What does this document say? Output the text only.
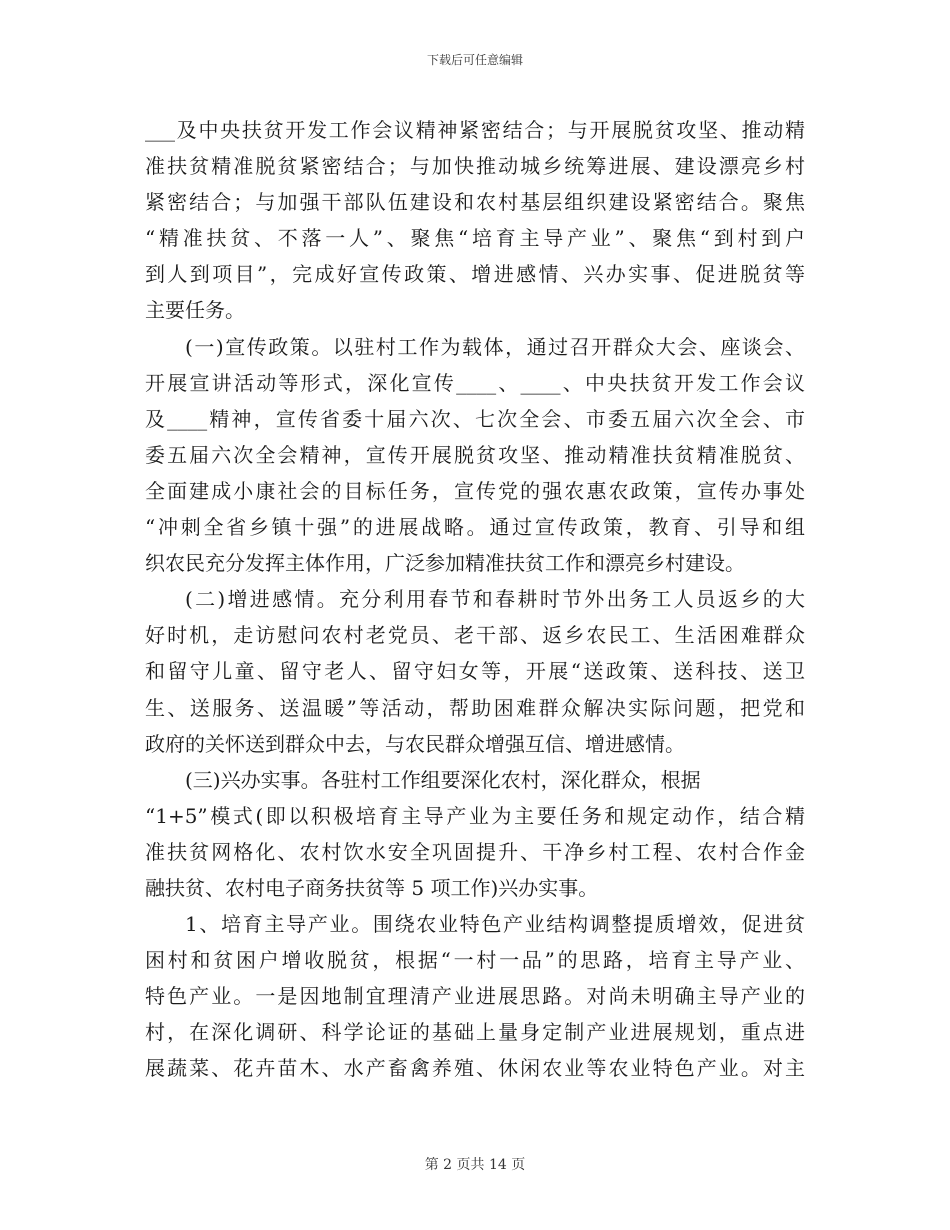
下载后可任意编辑
___及中央扶贫开发工作会议精神紧密结合；与开展脱贫攻坚、推动精
准扶贫精准脱贫紧密结合；与加快推动城乡统筹进展、建设漂亮乡村
紧密结合；与加强干部队伍建设和农村基层组织建设紧密结合。聚焦
“精准扶贫、不落一人”、聚焦“培育主导产业”、聚焦“到村到户
到人到项目”，完成好宣传政策、增进感情、兴办实事、促进脱贫等
主要任务。
(一)宣传政策。以驻村工作为载体，通过召开群众大会、座谈会、
开展宣讲活动等形式，深化宣传____、____、中央扶贫开发工作会议
及____精神，宣传省委十届六次、七次全会、市委五届六次全会、市
委五届六次全会精神，宣传开展脱贫攻坚、推动精准扶贫精准脱贫、
全面建成小康社会的目标任务，宣传党的强农惠农政策，宣传办事处
“冲刺全省乡镇十强”的进展战略。通过宣传政策，教育、引导和组
织农民充分发挥主体作用，广泛参加精准扶贫工作和漂亮乡村建设。
(二)增进感情。充分利用春节和春耕时节外出务工人员返乡的大
好时机，走访慰问农村老党员、老干部、返乡农民工、生活困难群众
和留守儿童、留守老人、留守妇女等，开展“送政策、送科技、送卫
生、送服务、送温暖”等活动，帮助困难群众解决实际问题，把党和
政府的关怀送到群众中去，与农民群众增强互信、增进感情。
(三)兴办实事。各驻村工作组要深化农村，深化群众，根据
“1+5”模式(即以积极培育主导产业为主要任务和规定动作，结合精
准扶贫网格化、农村饮水安全巩固提升、干净乡村工程、农村合作金
融扶贫、农村电子商务扶贫等 5 项工作)兴办实事。
1、培育主导产业。围绕农业特色产业结构调整提质增效，促进贫
困村和贫困户增收脱贫，根据“一村一品”的思路，培育主导产业、
特色产业。一是因地制宜理清产业进展思路。对尚未明确主导产业的
村，在深化调研、科学论证的基础上量身定制产业进展规划，重点进
展蔬菜、花卉苗木、水产畜禽养殖、休闲农业等农业特色产业。对主
第 2 页共 14 页
